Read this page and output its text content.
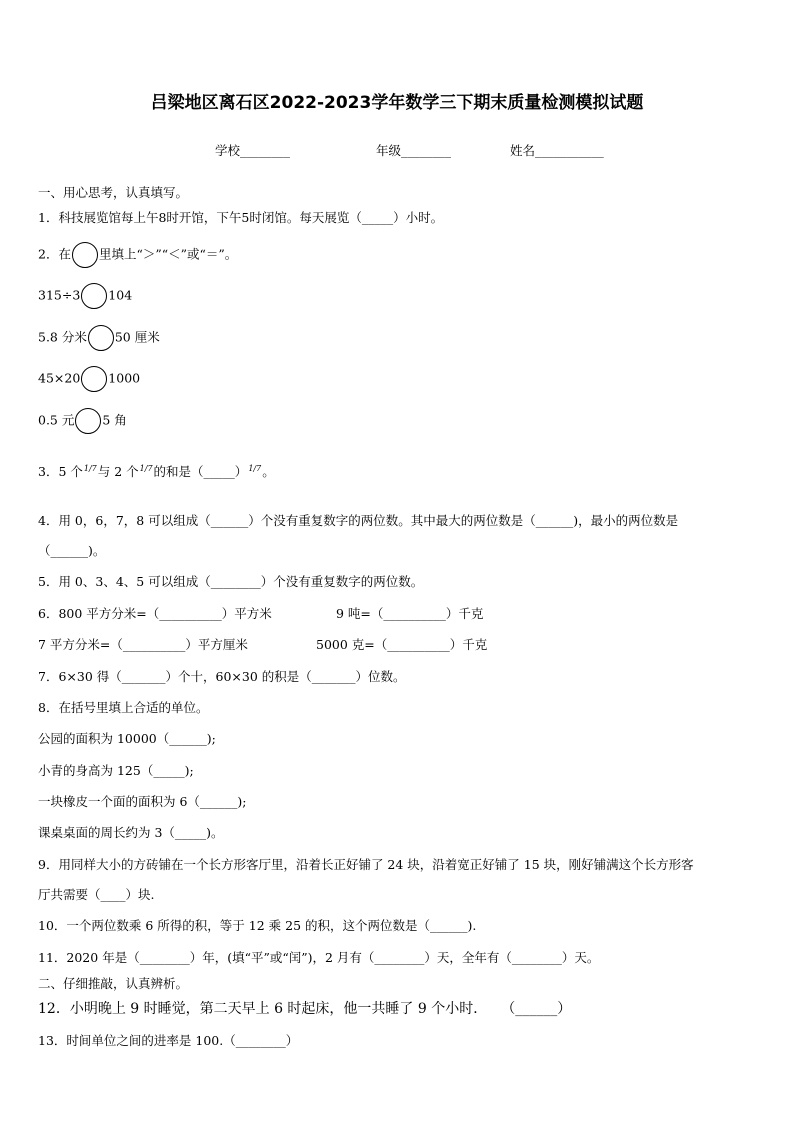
吕梁地区离石区2022-2023学年数学三下期末质量检测模拟试题
学校________	年级________	姓名___________
一、用心思考，认真填写。
1．科技展览馆每上午8时开馆，下午5时闭馆。每天展览（_____）小时。
2．在 里填上“＞”“＜”或“＝”。
315÷3 104
5.8 分米 50 厘米
45×20 1000
0.5 元 5 角
3．5 个1/7与 2 个1/7的和是（_____）1/7。
4．用 0，6，7，8 可以组成（______）个没有重复数字的两位数。其中最大的两位数是（______)，最小的两位数是
（______)。
5．用 0、3、4、5 可以组成（________）个没有重复数字的两位数。
6．800 平方分米=（__________）平方米	9 吨=（__________）千克
7 平方分米=（__________）平方厘米	5000 克=（__________）千克
7．6×30 得（_______）个十，60×30 的积是（_______）位数。
8．在括号里填上合适的单位。
公园的面积为 10000（______);
小青的身高为 125（_____);
一块橡皮一个面的面积为 6（______);
课桌桌面的周长约为 3（_____)。
9．用同样大小的方砖铺在一个长方形客厅里，沿着长正好铺了 24 块，沿着宽正好铺了 15 块，刚好铺满这个长方形客
厅共需要（____）块.
10．一个两位数乘 6 所得的积，等于 12 乘 25 的积，这个两位数是（______).
11．2020 年是（________）年，(填“平”或“闰”)，2 月有（________）天，全年有（________）天。
二、仔细推敲，认真辨析。
12．小明晚上 9 时睡觉，第二天早上 6 时起床，他一共睡了 9 个小时．　　（______）
13．时间单位之间的进率是 100.（________）
